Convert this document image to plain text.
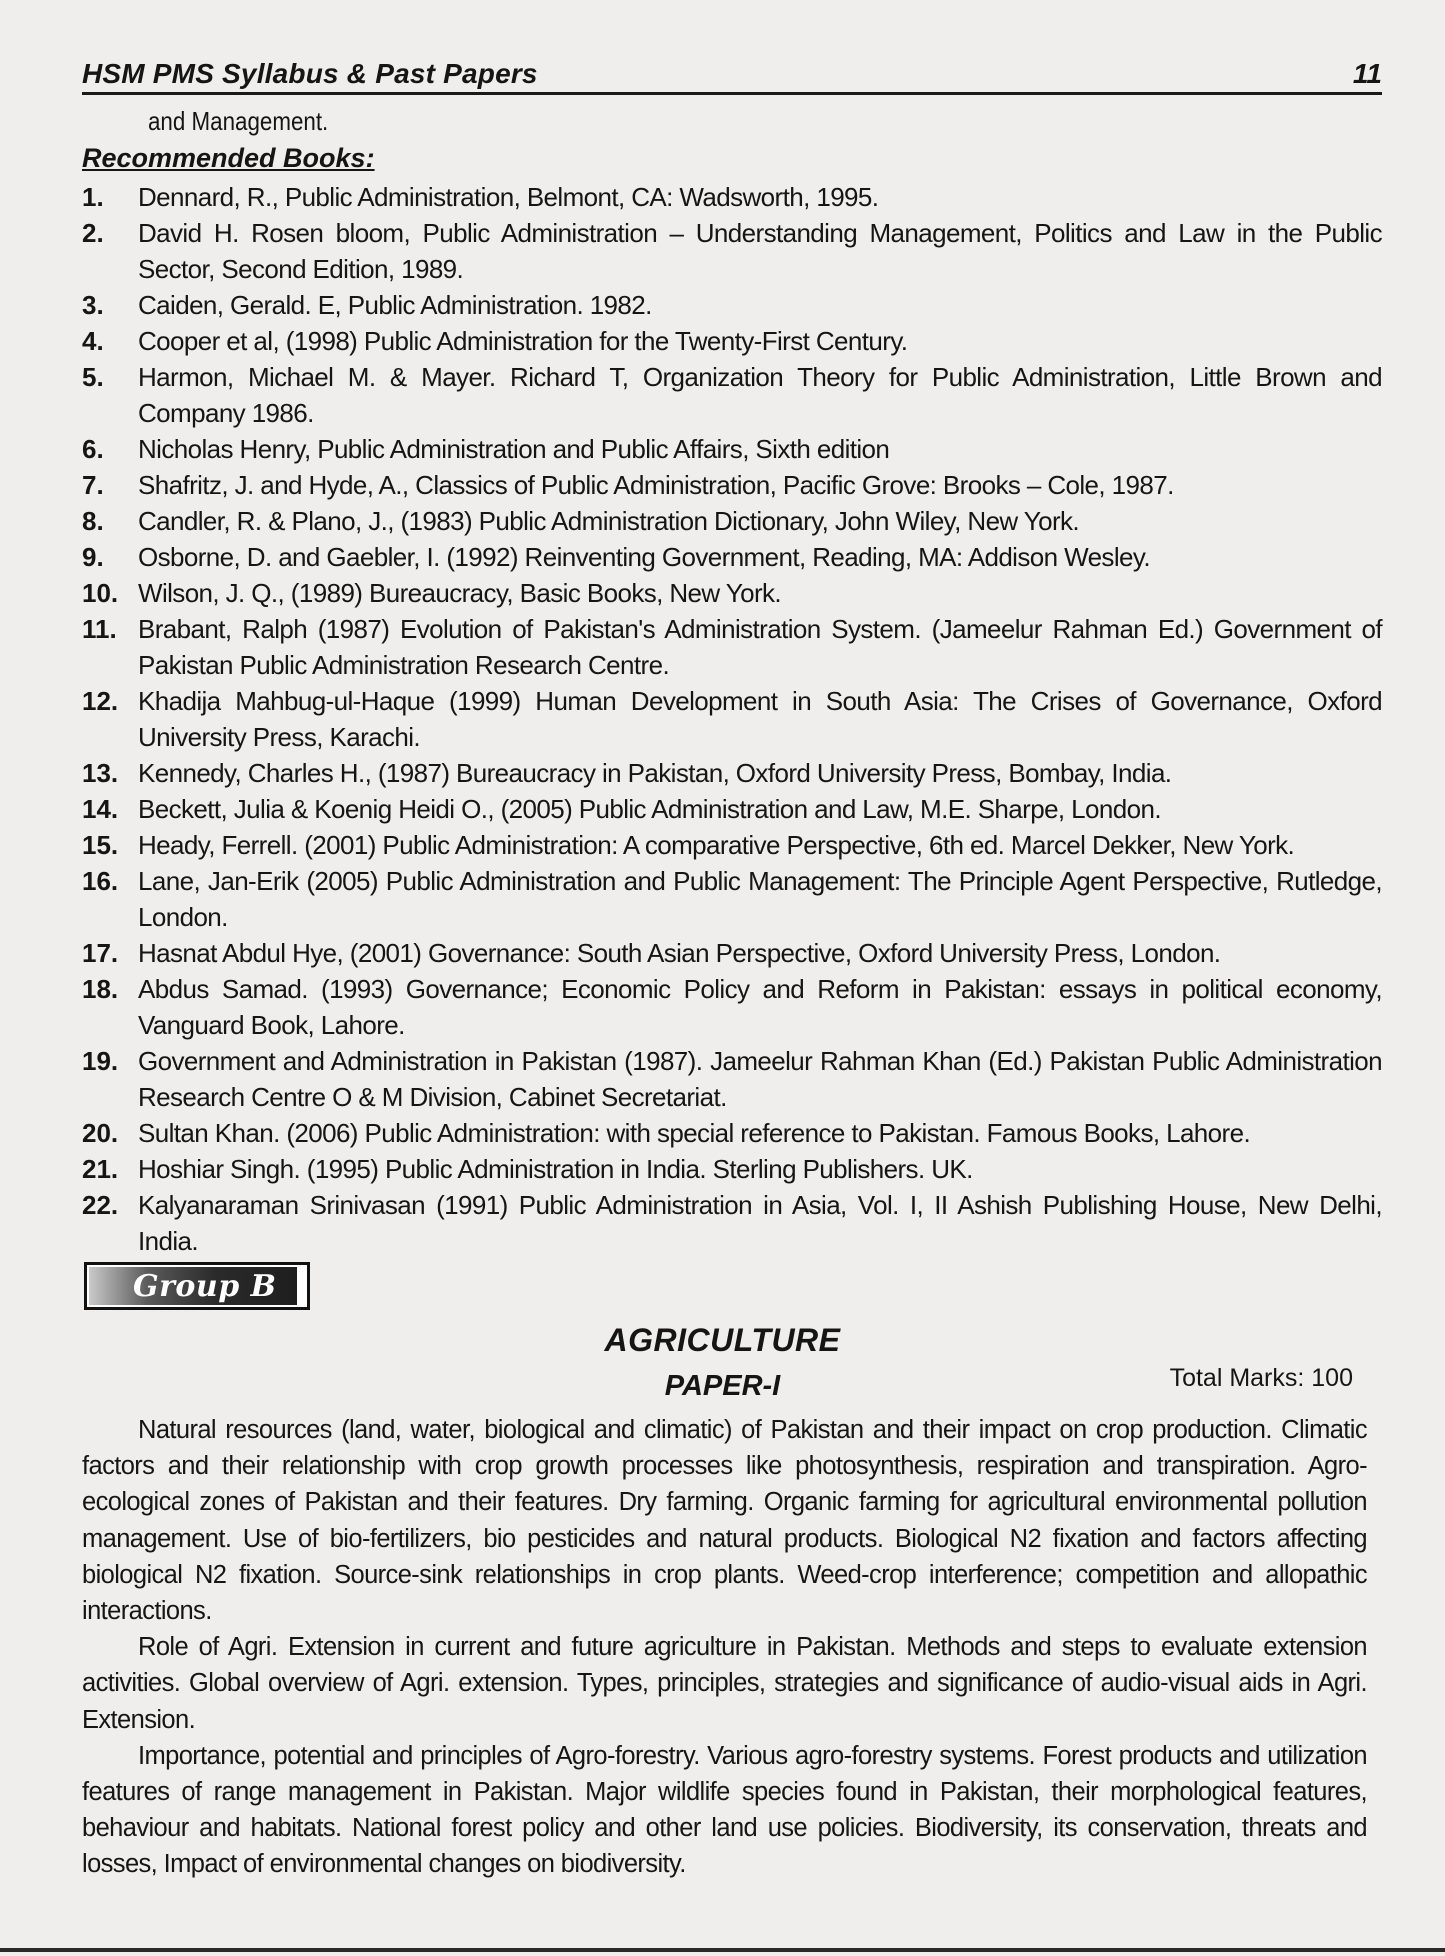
HSM PMS Syllabus & Past Papers	11
and Management.
Recommended Books:
1. Dennard, R., Public Administration, Belmont, CA: Wadsworth, 1995.
2. David H. Rosen bloom, Public Administration – Understanding Management, Politics and Law in the Public Sector, Second Edition, 1989.
3. Caiden, Gerald. E, Public Administration. 1982.
4. Cooper et al, (1998) Public Administration for the Twenty-First Century.
5. Harmon, Michael M. & Mayer. Richard T, Organization Theory for Public Administration, Little Brown and Company 1986.
6. Nicholas Henry, Public Administration and Public Affairs, Sixth edition
7. Shafritz, J. and Hyde, A., Classics of Public Administration, Pacific Grove: Brooks – Cole, 1987.
8. Candler, R. & Plano, J., (1983) Public Administration Dictionary, John Wiley, New York.
9. Osborne, D. and Gaebler, I. (1992) Reinventing Government, Reading, MA: Addison Wesley.
10. Wilson, J. Q., (1989) Bureaucracy, Basic Books, New York.
11. Brabant, Ralph (1987) Evolution of Pakistan's Administration System. (Jameelur Rahman Ed.) Government of Pakistan Public Administration Research Centre.
12. Khadija Mahbug-ul-Haque (1999) Human Development in South Asia: The Crises of Governance, Oxford University Press, Karachi.
13. Kennedy, Charles H., (1987) Bureaucracy in Pakistan, Oxford University Press, Bombay, India.
14. Beckett, Julia & Koenig Heidi O., (2005) Public Administration and Law, M.E. Sharpe, London.
15. Heady, Ferrell. (2001) Public Administration: A comparative Perspective, 6th ed. Marcel Dekker, New York.
16. Lane, Jan-Erik (2005) Public Administration and Public Management: The Principle Agent Perspective, Rutledge, London.
17. Hasnat Abdul Hye, (2001) Governance: South Asian Perspective, Oxford University Press, London.
18. Abdus Samad. (1993) Governance; Economic Policy and Reform in Pakistan: essays in political economy, Vanguard Book, Lahore.
19. Government and Administration in Pakistan (1987). Jameelur Rahman Khan (Ed.) Pakistan Public Administration Research Centre O & M Division, Cabinet Secretariat.
20. Sultan Khan. (2006) Public Administration: with special reference to Pakistan. Famous Books, Lahore.
21. Hoshiar Singh. (1995) Public Administration in India. Sterling Publishers. UK.
22. Kalyanaraman Srinivasan (1991) Public Administration in Asia, Vol. I, II Ashish Publishing House, New Delhi, India.
Group B
AGRICULTURE
PAPER-I	Total Marks: 100

Natural resources (land, water, biological and climatic) of Pakistan and their impact on crop production. Climatic factors and their relationship with crop growth processes like photosynthesis, respiration and transpiration. Agro-ecological zones of Pakistan and their features. Dry farming. Organic farming for agricultural environmental pollution management. Use of bio-fertilizers, bio pesticides and natural products. Biological N2 fixation and factors affecting biological N2 fixation. Source-sink relationships in crop plants. Weed-crop interference; competition and allopathic interactions.

Role of Agri. Extension in current and future agriculture in Pakistan. Methods and steps to evaluate extension activities. Global overview of Agri. extension. Types, principles, strategies and significance of audio-visual aids in Agri. Extension.

Importance, potential and principles of Agro-forestry. Various agro-forestry systems. Forest products and utilization features of range management in Pakistan. Major wildlife species found in Pakistan, their morphological features, behaviour and habitats. National forest policy and other land use policies. Biodiversity, its conservation, threats and losses, Impact of environmental changes on biodiversity.
